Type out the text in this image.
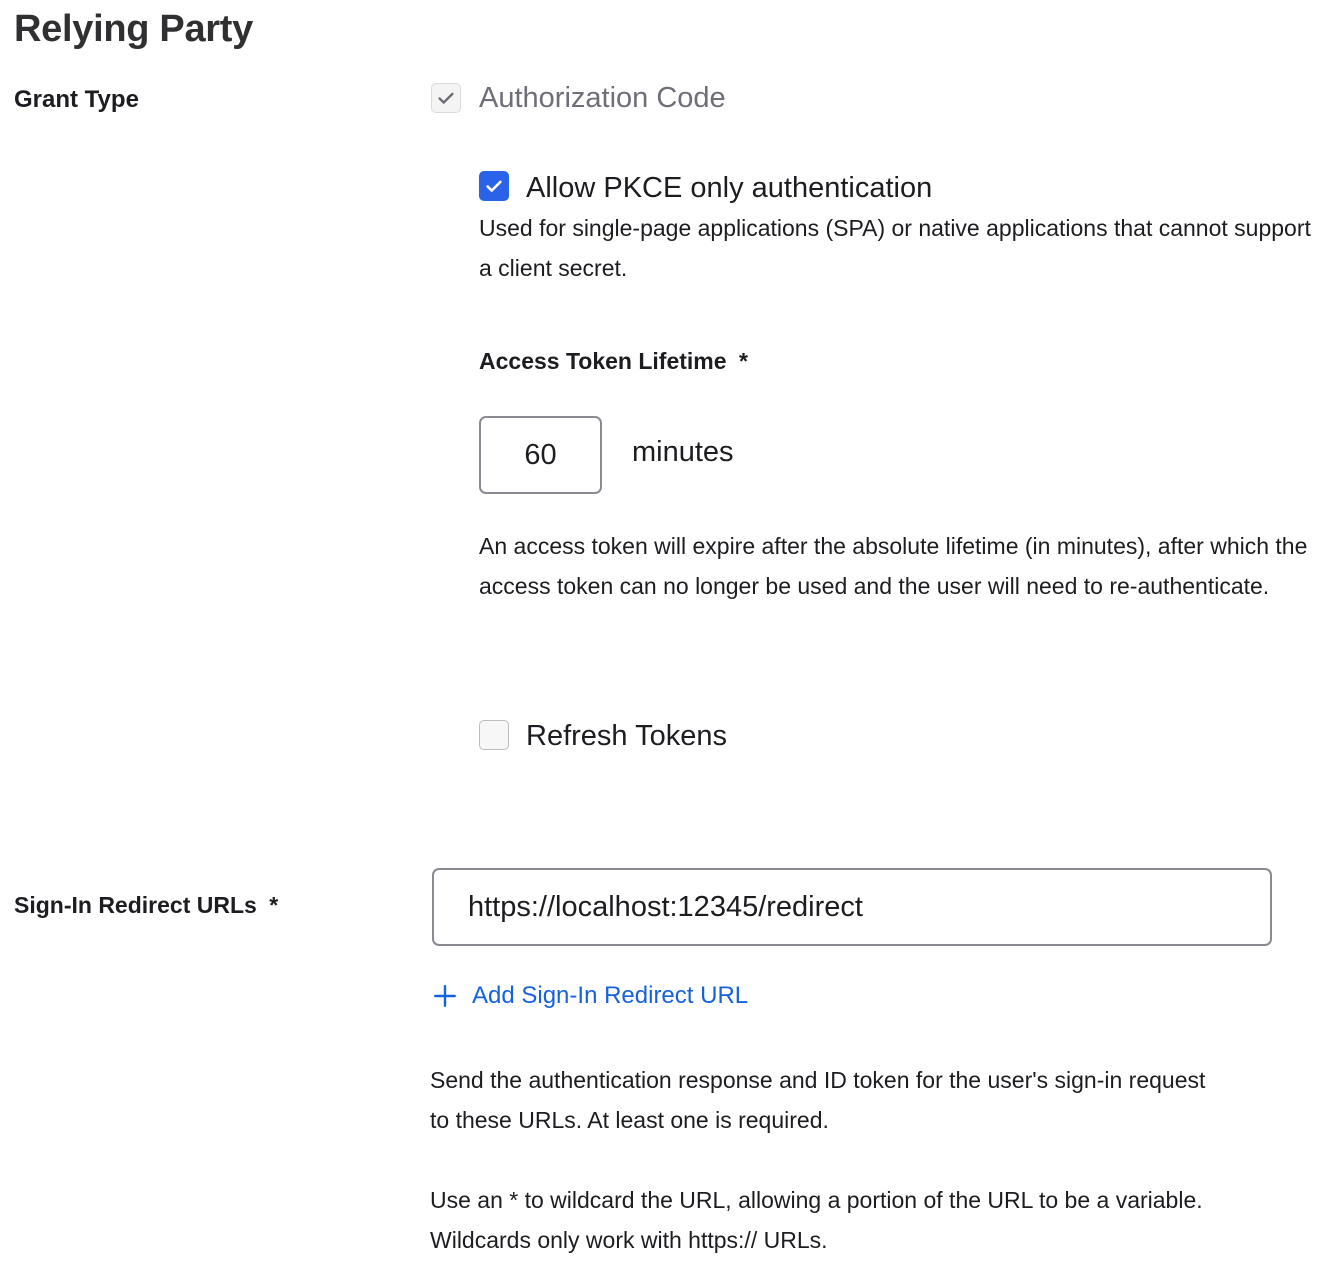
Relying Party
Grant Type	Authorization Code
Allow PKCE only authentication
Used for single-page applications (SPA) or native applications that cannot support a client secret.
Access Token Lifetime *
60	minutes
An access token will expire after the absolute lifetime (in minutes), after which the access token can no longer be used and the user will need to re-authenticate.
Refresh Tokens
Sign-In Redirect URLs *	https://localhost:12345/redirect
Add Sign-In Redirect URL
Send the authentication response and ID token for the user's sign-in request to these URLs. At least one is required.
Use an * to wildcard the URL, allowing a portion of the URL to be a variable. Wildcards only work with https:// URLs.
